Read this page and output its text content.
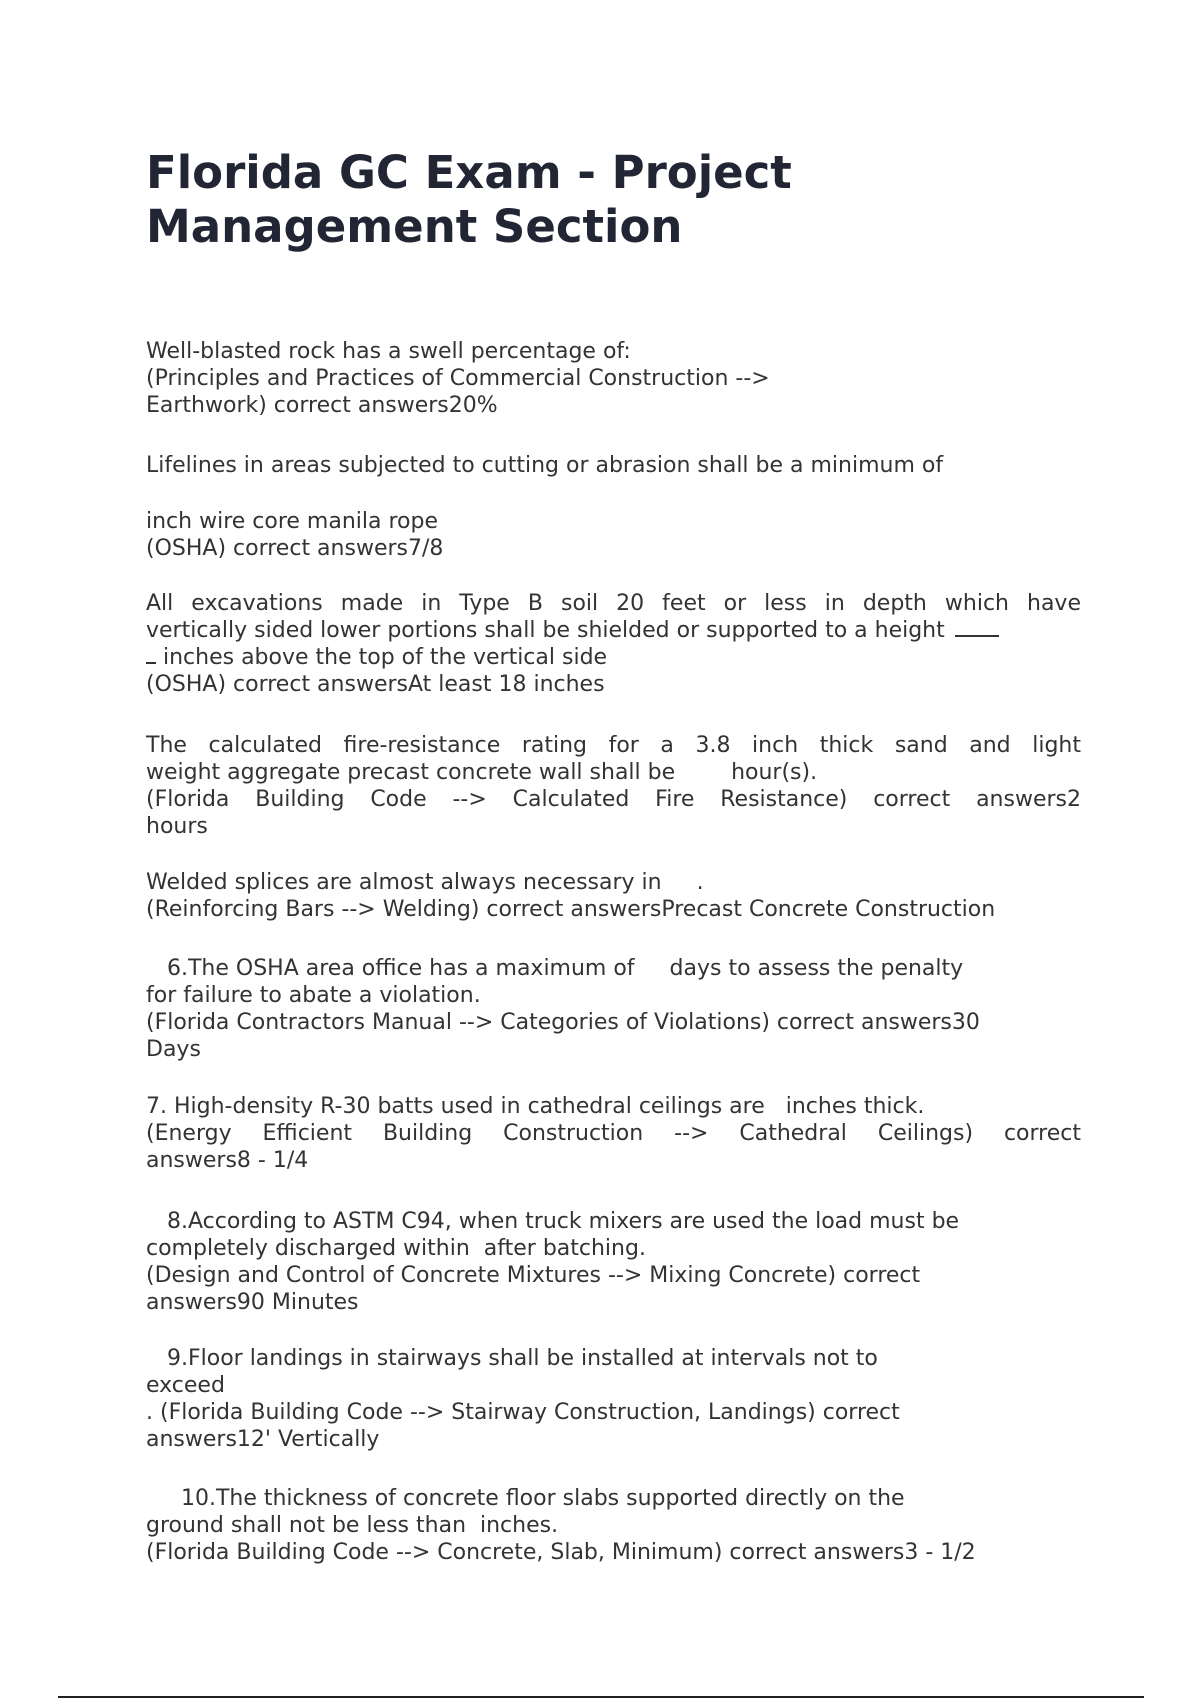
Florida GC Exam - Project Management Section
Well-blasted rock has a swell percentage of:
(Principles and Practices of Commercial Construction -->
Earthwork) correct answers20%
Lifelines in areas subjected to cutting or abrasion shall be a minimum of
inch wire core manila rope
(OSHA) correct answers7/8
All excavations made in Type B soil 20 feet or less in depth which have
vertically sided lower portions shall be shielded or supported to a height
inches above the top of the vertical side
(OSHA) correct answersAt least 18 inches
The calculated fire-resistance rating for a 3.8 inch thick sand and light
weight aggregate precast concrete wall shall be        hour(s).
(Florida Building Code --> Calculated Fire Resistance) correct answers2
hours
Welded splices are almost always necessary in     .
(Reinforcing Bars --> Welding) correct answersPrecast Concrete Construction
6.The OSHA area office has a maximum of     days to assess the penalty
for failure to abate a violation.
(Florida Contractors Manual --> Categories of Violations) correct answers30
Days
7. High-density R-30 batts used in cathedral ceilings are   inches thick.
(Energy Efficient Building Construction --> Cathedral Ceilings) correct
answers8 - 1/4
8.According to ASTM C94, when truck mixers are used the load must be
completely discharged within  after batching.
(Design and Control of Concrete Mixtures --> Mixing Concrete) correct
answers90 Minutes
9.Floor landings in stairways shall be installed at intervals not to
exceed
. (Florida Building Code --> Stairway Construction, Landings) correct
answers12' Vertically
10.The thickness of concrete floor slabs supported directly on the
ground shall not be less than  inches.
(Florida Building Code --> Concrete, Slab, Minimum) correct answers3 - 1/2
